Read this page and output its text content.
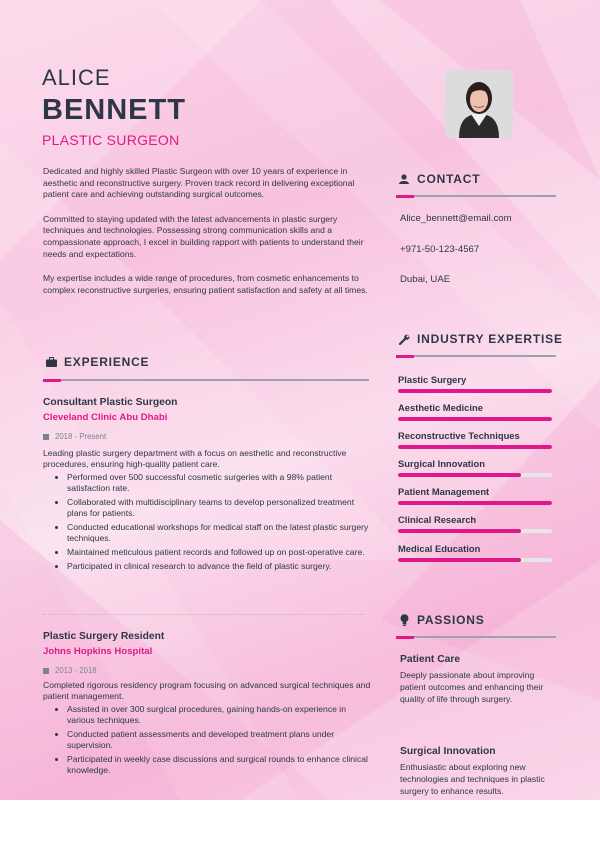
ALICE
BENNETT
PLASTIC SURGEON

Dedicated and highly skilled Plastic Surgeon with over 10 years of experience in aesthetic and reconstructive surgery. Proven track record in delivering exceptional patient care and achieving outstanding surgical outcomes.

Committed to staying updated with the latest advancements in plastic surgery techniques and technologies. Possessing strong communication skills and a compassionate approach, I excel in building rapport with patients to understand their needs and expectations.

My expertise includes a wide range of procedures, from cosmetic enhancements to complex reconstructive surgeries, ensuring patient satisfaction and safety at all times.

EXPERIENCE
Consultant Plastic Surgeon
Cleveland Clinic Abu Dhabi
2018 - Present
Leading plastic surgery department with a focus on aesthetic and reconstructive procedures, ensuring high-quality patient care.
• Performed over 500 successful cosmetic surgeries with a 98% patient satisfaction rate.
• Collaborated with multidisciplinary teams to develop personalized treatment plans for patients.
• Conducted educational workshops for medical staff on the latest plastic surgery techniques.
• Maintained meticulous patient records and followed up on post-operative care.
• Participated in clinical research to advance the field of plastic surgery.
Plastic Surgery Resident
Johns Hopkins Hospital
2013 - 2018
Completed rigorous residency program focusing on advanced surgical techniques and patient management.
• Assisted in over 300 surgical procedures, gaining hands-on experience in various techniques.
• Conducted patient assessments and developed treatment plans under supervision.
• Participated in weekly case discussions and surgical rounds to enhance clinical knowledge.
CONTACT
Alice_bennett@email.com
+971-50-123-4567
Dubai, UAE
INDUSTRY EXPERTISE
Plastic Surgery
Aesthetic Medicine
Reconstructive Techniques
Surgical Innovation
Patient Management
Clinical Research
Medical Education
PASSIONS
Patient Care
Deeply passionate about improving patient outcomes and enhancing their quality of life through surgery.
Surgical Innovation
Enthusiastic about exploring new technologies and techniques in plastic surgery to enhance results.
